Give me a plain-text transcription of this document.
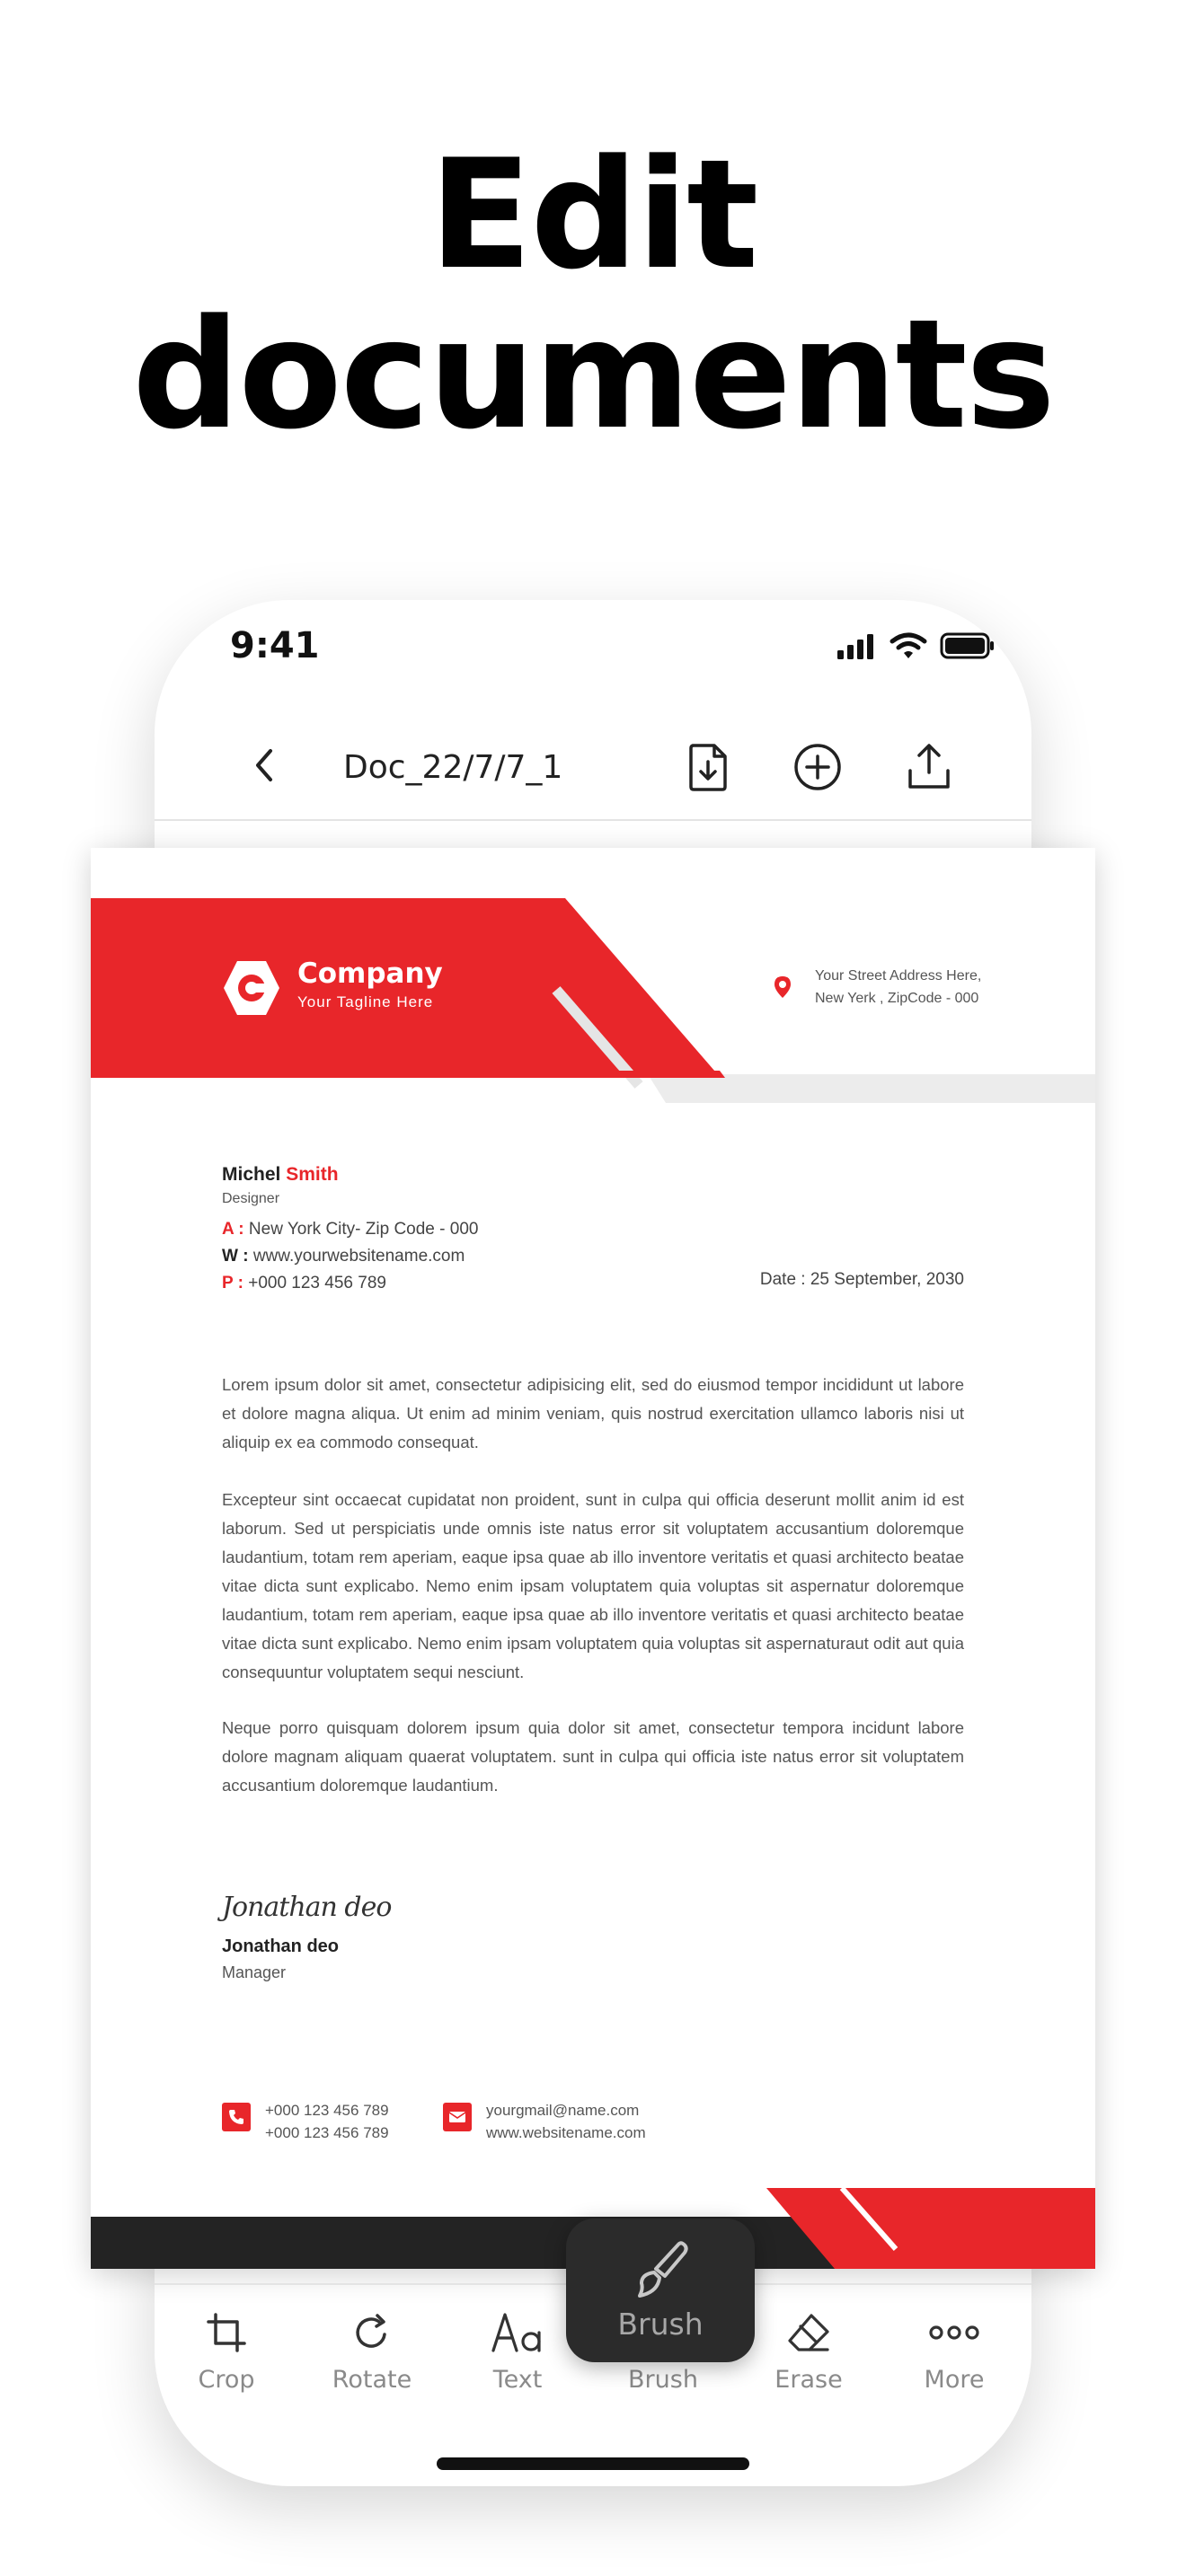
Edit
documents
9:41
Doc_22/7/7_1
Company
Your Tagline Here
Your Street Address Here,
New Yerk , ZipCode - 000
Michel Smith
Designer
A : New York City- Zip Code - 000
W : www.yourwebsitename.com
P : +000 123 456 789	Date : 25 September, 2030
Lorem ipsum dolor sit amet, consectetur adipisicing elit, sed do eiusmod tempor incididunt ut labore et dolore magna aliqua. Ut enim ad minim veniam, quis nostrud exercitation ullamco laboris nisi ut aliquip ex ea commodo consequat.
Excepteur sint occaecat cupidatat non proident, sunt in culpa qui officia deserunt mollit anim id est laborum. Sed ut perspiciatis unde omnis iste natus error sit voluptatem accusantium doloremque laudantium, totam rem aperiam, eaque ipsa quae ab illo inventore veritatis et quasi architecto beatae vitae dicta sunt explicabo. Nemo enim ipsam voluptatem quia voluptas sit aspernatur doloremque laudantium, totam rem aperiam, eaque ipsa quae ab illo inventore veritatis et quasi architecto beatae vitae dicta sunt explicabo. Nemo enim ipsam voluptatem quia voluptas sit aspernaturaut odit aut quia consequuntur voluptatem sequi nesciunt.
Neque porro quisquam dolorem ipsum quia dolor sit amet, consectetur tempora incidunt labore dolore magnam aliquam quaerat voluptatem. sunt in culpa qui officia iste natus error sit voluptatem accusantium doloremque laudantium.
Jonathan deo
Jonathan deo
Manager
+000 123 456 789
+000 123 456 789
yourgmail@name.com
www.websitename.com
Crop	Rotate	Text	Brush	Erase	More
Brush
